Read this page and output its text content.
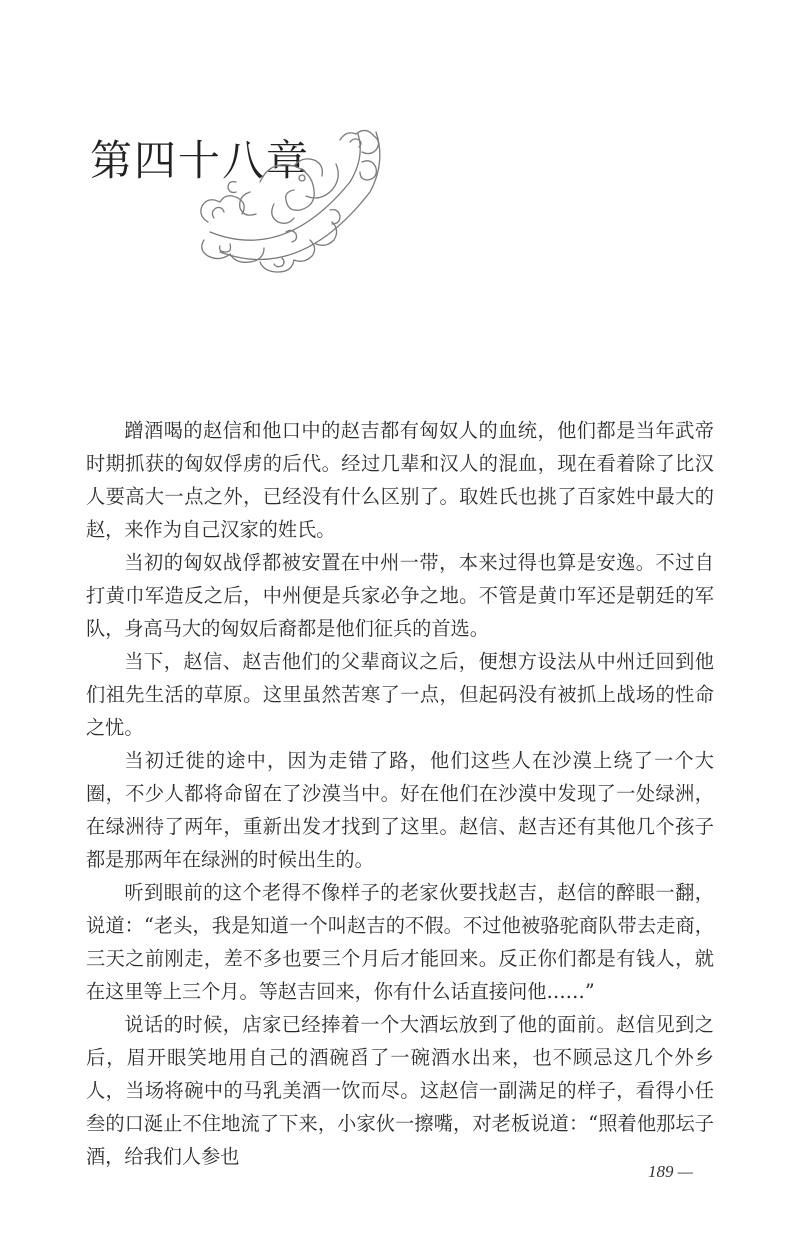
第四十八章

蹭酒喝的赵信和他口中的赵吉都有匈奴人的血统，他们都是当年武帝时期抓获的匈奴俘虏的后代。经过几辈和汉人的混血，现在看着除了比汉人要高大一点之外，已经没有什么区别了。取姓氏也挑了百家姓中最大的赵，来作为自己汉家的姓氏。

当初的匈奴战俘都被安置在中州一带，本来过得也算是安逸。不过自打黄巾军造反之后，中州便是兵家必争之地。不管是黄巾军还是朝廷的军队，身高马大的匈奴后裔都是他们征兵的首选。

当下，赵信、赵吉他们的父辈商议之后，便想方设法从中州迁回到他们祖先生活的草原。这里虽然苦寒了一点，但起码没有被抓上战场的性命之忧。

当初迁徙的途中，因为走错了路，他们这些人在沙漠上绕了一个大圈，不少人都将命留在了沙漠当中。好在他们在沙漠中发现了一处绿洲，在绿洲待了两年，重新出发才找到了这里。赵信、赵吉还有其他几个孩子都是那两年在绿洲的时候出生的。

听到眼前的这个老得不像样子的老家伙要找赵吉，赵信的醉眼一翻，说道：“老头，我是知道一个叫赵吉的不假。不过他被骆驼商队带去走商，三天之前刚走，差不多也要三个月后才能回来。反正你们都是有钱人，就在这里等上三个月。等赵吉回来，你有什么话直接问他……”

说话的时候，店家已经捧着一个大酒坛放到了他的面前。赵信见到之后，眉开眼笑地用自己的酒碗舀了一碗酒水出来，也不顾忌这几个外乡人，当场将碗中的马乳美酒一饮而尽。这赵信一副满足的样子，看得小任叁的口涎止不住地流了下来，小家伙一擦嘴，对老板说道：“照着他那坛子酒，给我们人参也

189 —
